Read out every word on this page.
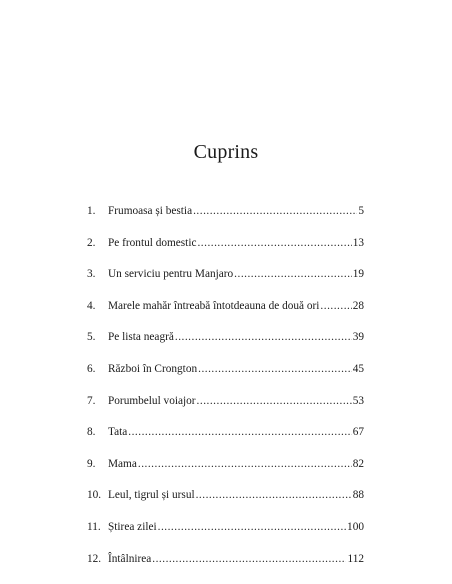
Cuprins
1.	Frumoasa și bestia .....	5
2.	Pe frontul domestic .....	13
3.	Un serviciu pentru Manjaro .....	19
4.	Marele mahăr întreabă întotdeauna de două ori .....	28
5.	Pe lista neagră .....	39
6.	Război în Crongton .....	45
7.	Porumbelul voiajor .....	53
8.	Tata .....	67
9.	Mama .....	82
10. Leul, tigrul și ursul .....	88
11. Știrea zilei .....	100
12. Întâlnirea .....	112
